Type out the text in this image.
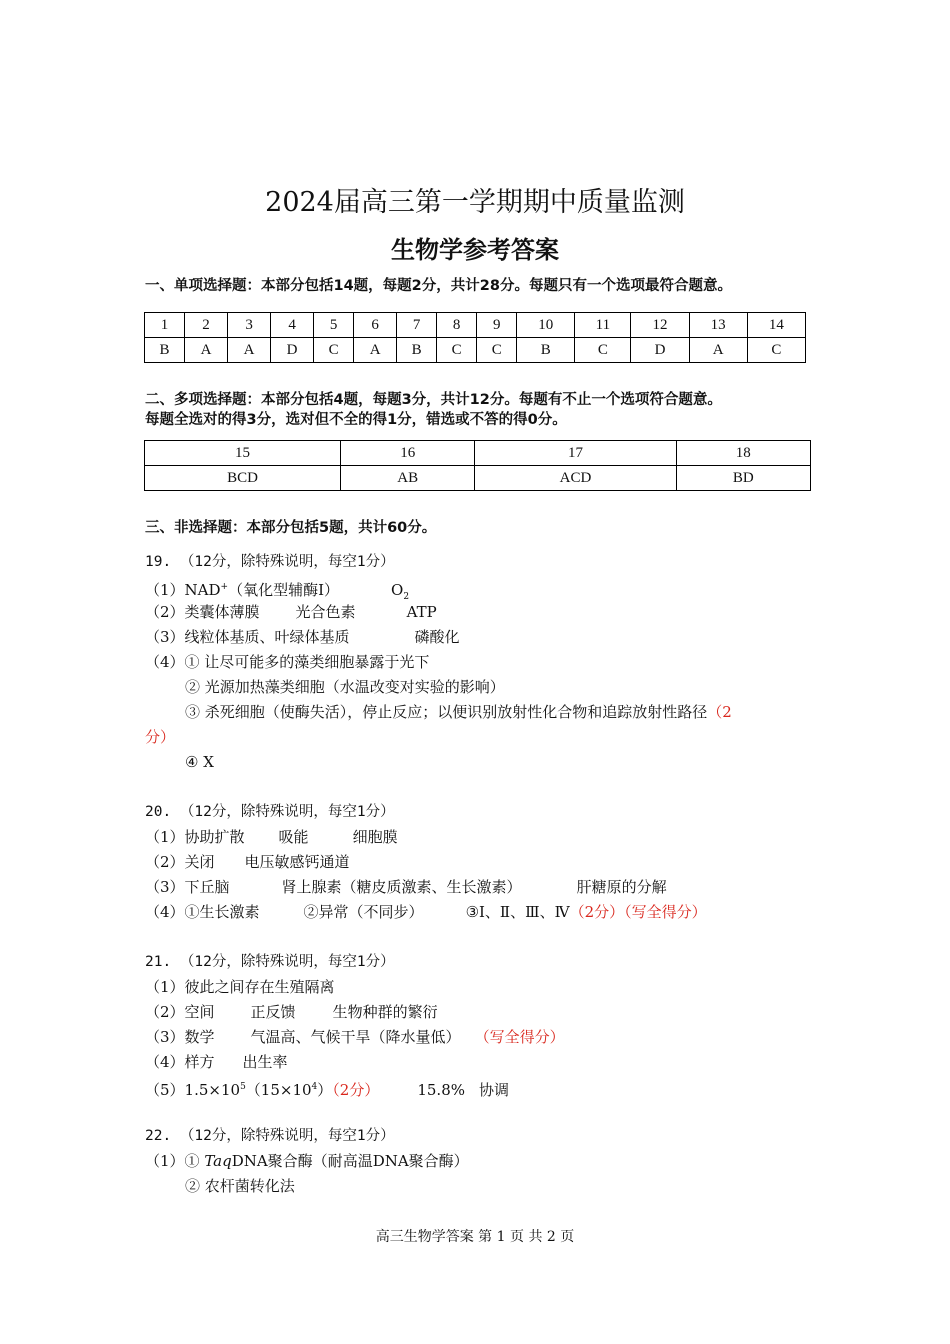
2024届高三第一学期期中质量监测
生物学参考答案
一、单项选择题：本部分包括14题，每题2分，共计28分。每题只有一个选项最符合题意。
1	2	3	4	5	6	7	8	9	10	11	12	13	14
B	A	A	D	C	A	B	C	C	B	C	D	A	C
二、多项选择题：本部分包括4题，每题3分，共计12分。每题有不止一个选项符合题意。
每题全选对的得3分，选对但不全的得1分，错选或不答的得0分。
15	16	17	18
BCD	AB	ACD	BD
三、非选择题：本部分包括5题，共计60分。
19. （12分，除特殊说明，每空1分）
（1）NAD+（氧化型辅酶Ⅰ）	$O_2$
（2）类囊体薄膜 光合色素	ATP
（3）线粒体基质、叶绿体基质	磷酸化
（4）① 让尽可能多的藻类细胞暴露于光下
② 光源加热藻类细胞（水温改变对实验的影响）
③ 杀死细胞（使酶失活），停止反应；以便识别放射性化合物和追踪放射性路径（2
分）
④ X
20. （12分，除特殊说明，每空1分）
（1）协助扩散 吸能	细胞膜
（2）关闭 电压敏感钙通道
（3）下丘脑	肾上腺素（糖皮质激素、生长激素）	肝糖原的分解
（4）①生长激素	②异常（不同步）	③Ⅰ、Ⅱ、Ⅲ、Ⅳ（2分）（写全得分）
21. （12分，除特殊说明，每空1分）
（1）彼此之间存在生殖隔离
（2）空间 正反馈 生物种群的繁衍
（3）数学 气温高、气候干旱（降水量低） （写全得分）
（4）样方 出生率
$(5)1.5\times 10^5(15\times 10^4)(2$分）	15.8% 协调
22. （12分，除特殊说明，每空1分）
（1）① TaqDNA聚合酶（耐高温DNA聚合酶）
② 农杆菌转化法
高三生物学答案 第 1 页 共 2 页
